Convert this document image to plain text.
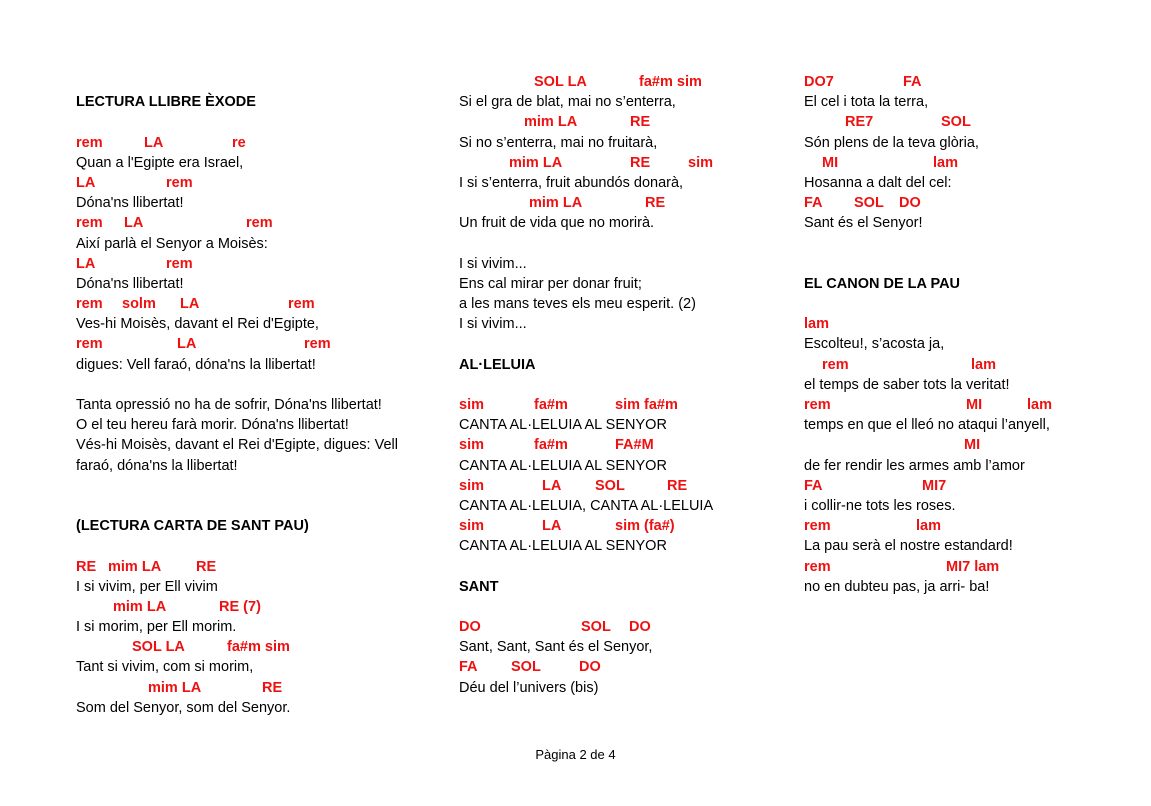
LECTURA LLIBRE ÈXODE
rem	LA	re
Quan a l'Egipte era Israel,
LA	rem
Dóna'ns llibertat!
rem LA	rem
Així parlà el Senyor a Moisès:
LA	rem
Dóna'ns llibertat!
rem solm LA	rem
Ves-hi Moisès, davant el Rei d'Egipte,
rem	LA	rem
digues: Vell faraó, dóna'ns la llibertat!
Tanta opressió no ha de sofrir, Dóna'ns llibertat!
O el teu hereu farà morir. Dóna'ns llibertat!
Vés-hi Moisès, davant el Rei d'Egipte, digues: Vell
faraó, dóna'ns la llibertat!
(LECTURA CARTA DE SANT PAU)
RE mim LA RE
I si vivim, per Ell vivim
mim LA	RE (7)
I si morim, per Ell morim.
SOL LA	fa#m sim
Tant si vivim, com si morim,
mim LA	RE
Som del Senyor, som del Senyor.
SOL LA	fa#m sim
Si el gra de blat, mai no s’enterra,
mim LA	RE
Si no s’enterra, mai no fruitarà,
mim LA	RE	sim
I si s’enterra, fruit abundós donarà,
mim LA	RE
Un fruit de vida que no morirà.
I si vivim...
Ens cal mirar per donar fruit;
a les mans teves els meu esperit. (2)
I si vivim...
AL·LELUIA
sim	fa#m	sim fa#m
CANTA AL·LELUIA AL SENYOR
sim	fa#m	FA#M
CANTA AL·LELUIA AL SENYOR
sim	LA SOL	RE
CANTA AL·LELUIA, CANTA AL·LELUIA
sim	LA	sim (fa#)
CANTA AL·LELUIA AL SENYOR
SANT
DO	SOL DO
Sant, Sant, Sant és el Senyor,
FA SOL	DO
Déu del l’univers (bis)
DO7	FA
El cel i tota la terra,
RE7	SOL
Són plens de la teva glòria,
MI	lam
Hosanna a dalt del cel:
FA SOL DO
Sant és el Senyor!
EL CANON DE LA PAU
lam
Escolteu!, s’acosta ja,
rem	lam
el temps de saber tots la veritat!
rem	MI	lam
temps en que el lleó no ataqui l’anyell,
MI
de fer rendir les armes amb l’amor
FA	MI7
i collir-ne tots les roses.
rem	lam
La pau serà el nostre estandard!
rem	MI7 lam
no en dubteu pas, ja arri- ba!
Pàgina 2 de 4
